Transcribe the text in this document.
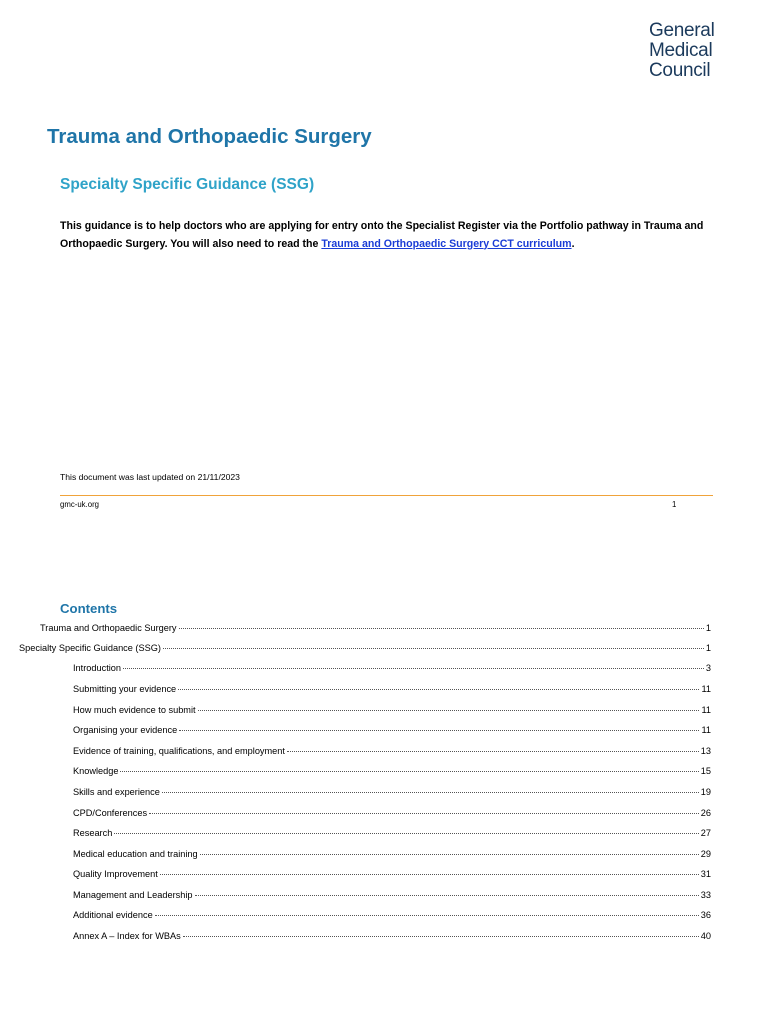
General
Medical
Council
Trauma and Orthopaedic Surgery
Specialty Specific Guidance (SSG)

This guidance is to help doctors who are applying for entry onto the Specialist Register via the Portfolio pathway in Trauma and Orthopaedic Surgery. You will also need to read the Trauma and Orthopaedic Surgery CCT curriculum.

This document was last updated on 21/11/2023
gmc-uk.org	1
Contents
Trauma and Orthopaedic Surgery	1
Specialty Specific Guidance (SSG)	1
Introduction	3
Submitting your evidence	11
How much evidence to submit	11
Organising your evidence	11
Evidence of training, qualifications, and employment	13
Knowledge	15
Skills and experience	19
CPD/Conferences	26
Research	27
Medical education and training	29
Quality Improvement	31
Management and Leadership	33
Additional evidence	36
Annex A – Index for WBAs	40
